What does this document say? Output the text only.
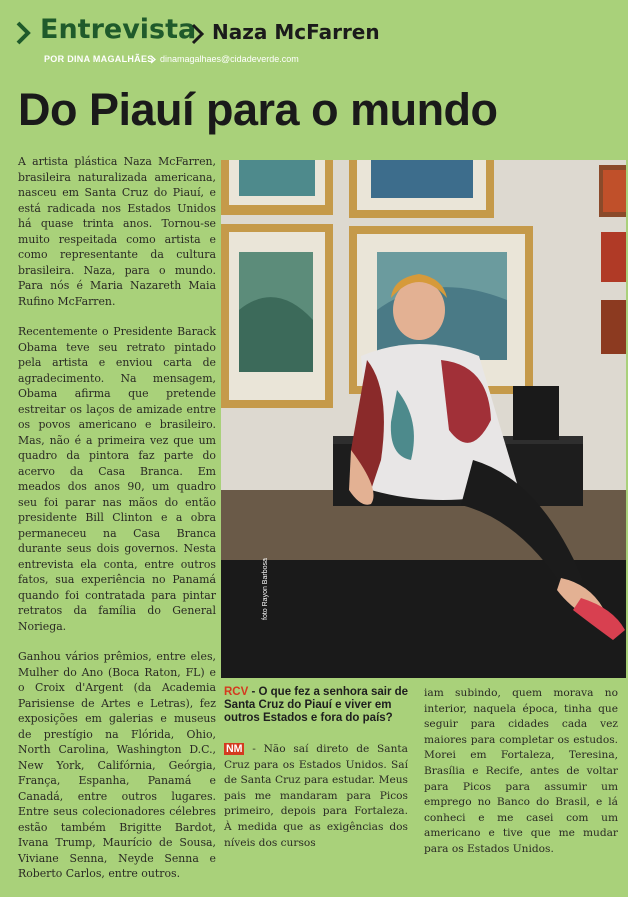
Entrevista Naza McFarren
POR DINA MAGALHÃES dinamagalhaes@cidadeverde.com
Do Piauí para o mundo

A artista plástica Naza McFarren, brasileira naturalizada americana, nasceu em Santa Cruz do Piauí, e está radicada nos Estados Unidos há quase trinta anos. Tornou-se muito respeitada como artista e como representante da cultura brasileira. Naza, para o mundo. Para nós é Maria Nazareth Maia Rufino McFarren.

Recentemente o Presidente Barack Obama teve seu retrato pintado pela artista e enviou carta de agradecimento. Na mensagem, Obama afirma que pretende estreitar os laços de amizade entre os povos americano e brasileiro. Mas, não é a primeira vez que um quadro da pintora faz parte do acervo da Casa Branca. Em meados dos anos 90, um quadro seu foi parar nas mãos do então presidente Bill Clinton e a obra permaneceu na Casa Branca durante seus dois governos. Nesta entrevista ela conta, entre outros fatos, sua experiência no Panamá quando foi contratada para pintar retratos da família do General Noriega.

Ganhou vários prêmios, entre eles, Mulher do Ano (Boca Raton, FL) e o Croix d'Argent (da Academia Parisiense de Artes e Letras), fez exposições em galerias e museus de prestígio na Flórida, Ohio, North Carolina, Washington D.C., New York, Califórnia, Geórgia, França, Espanha, Panamá e Canadá, entre outros lugares. Entre seus colecionadores célebres estão também Brigitte Bardot, Ivana Trump, Maurício de Sousa, Viviane Senna, Neyde Senna e Roberto Carlos, entre outros.

foto Rayon Barbosa
RCV - O que fez a senhora sair de Santa Cruz do Piauí e viver em outros Estados e fora do país?
NM - Não saí direto de Santa Cruz para os Estados Unidos. Saí de Santa Cruz para estudar. Meus pais me mandaram para Picos primeiro, depois para Fortaleza. À medida que as exigências dos níveis dos cursos
iam subindo, quem morava no interior, naquela época, tinha que seguir para cidades cada vez maiores para completar os estudos. Morei em Fortaleza, Teresina, Brasília e Recife, antes de voltar para Picos para assumir um emprego no Banco do Brasil, e lá conheci e me casei com um americano e tive que me mudar para os Estados Unidos.
